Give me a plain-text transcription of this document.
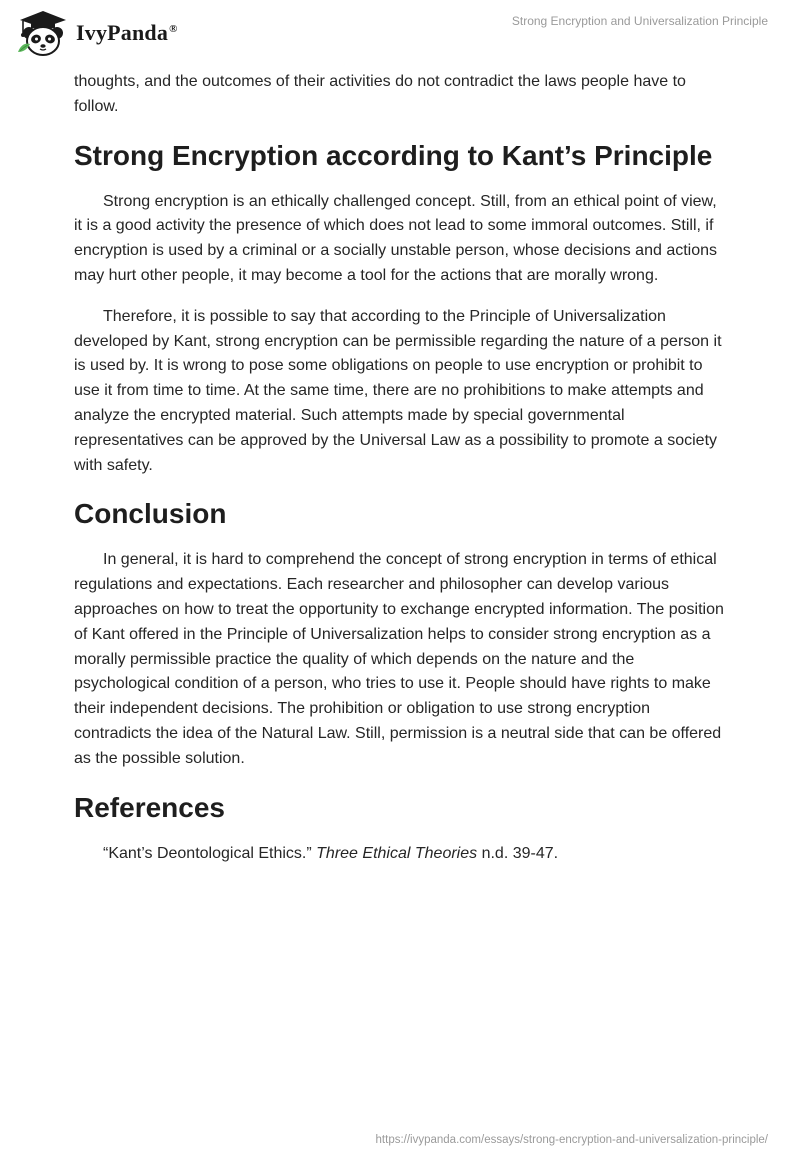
IvyPanda®
Strong Encryption and Universalization Principle

thoughts, and the outcomes of their activities do not contradict the laws people have to follow.

Strong Encryption according to Kant’s Principle

Strong encryption is an ethically challenged concept. Still, from an ethical point of view, it is a good activity the presence of which does not lead to some immoral outcomes. Still, if encryption is used by a criminal or a socially unstable person, whose decisions and actions may hurt other people, it may become a tool for the actions that are morally wrong.

Therefore, it is possible to say that according to the Principle of Universalization developed by Kant, strong encryption can be permissible regarding the nature of a person it is used by. It is wrong to pose some obligations on people to use encryption or prohibit to use it from time to time. At the same time, there are no prohibitions to make attempts and analyze the encrypted material. Such attempts made by special governmental representatives can be approved by the Universal Law as a possibility to promote a society with safety.

Conclusion

In general, it is hard to comprehend the concept of strong encryption in terms of ethical regulations and expectations. Each researcher and philosopher can develop various approaches on how to treat the opportunity to exchange encrypted information. The position of Kant offered in the Principle of Universalization helps to consider strong encryption as a morally permissible practice the quality of which depends on the nature and the psychological condition of a person, who tries to use it. People should have rights to make their independent decisions. The prohibition or obligation to use strong encryption contradicts the idea of the Natural Law. Still, permission is a neutral side that can be offered as the possible solution.

References

“Kant’s Deontological Ethics.” Three Ethical Theories n.d. 39-47.

https://ivypanda.com/essays/strong-encryption-and-universalization-principle/
